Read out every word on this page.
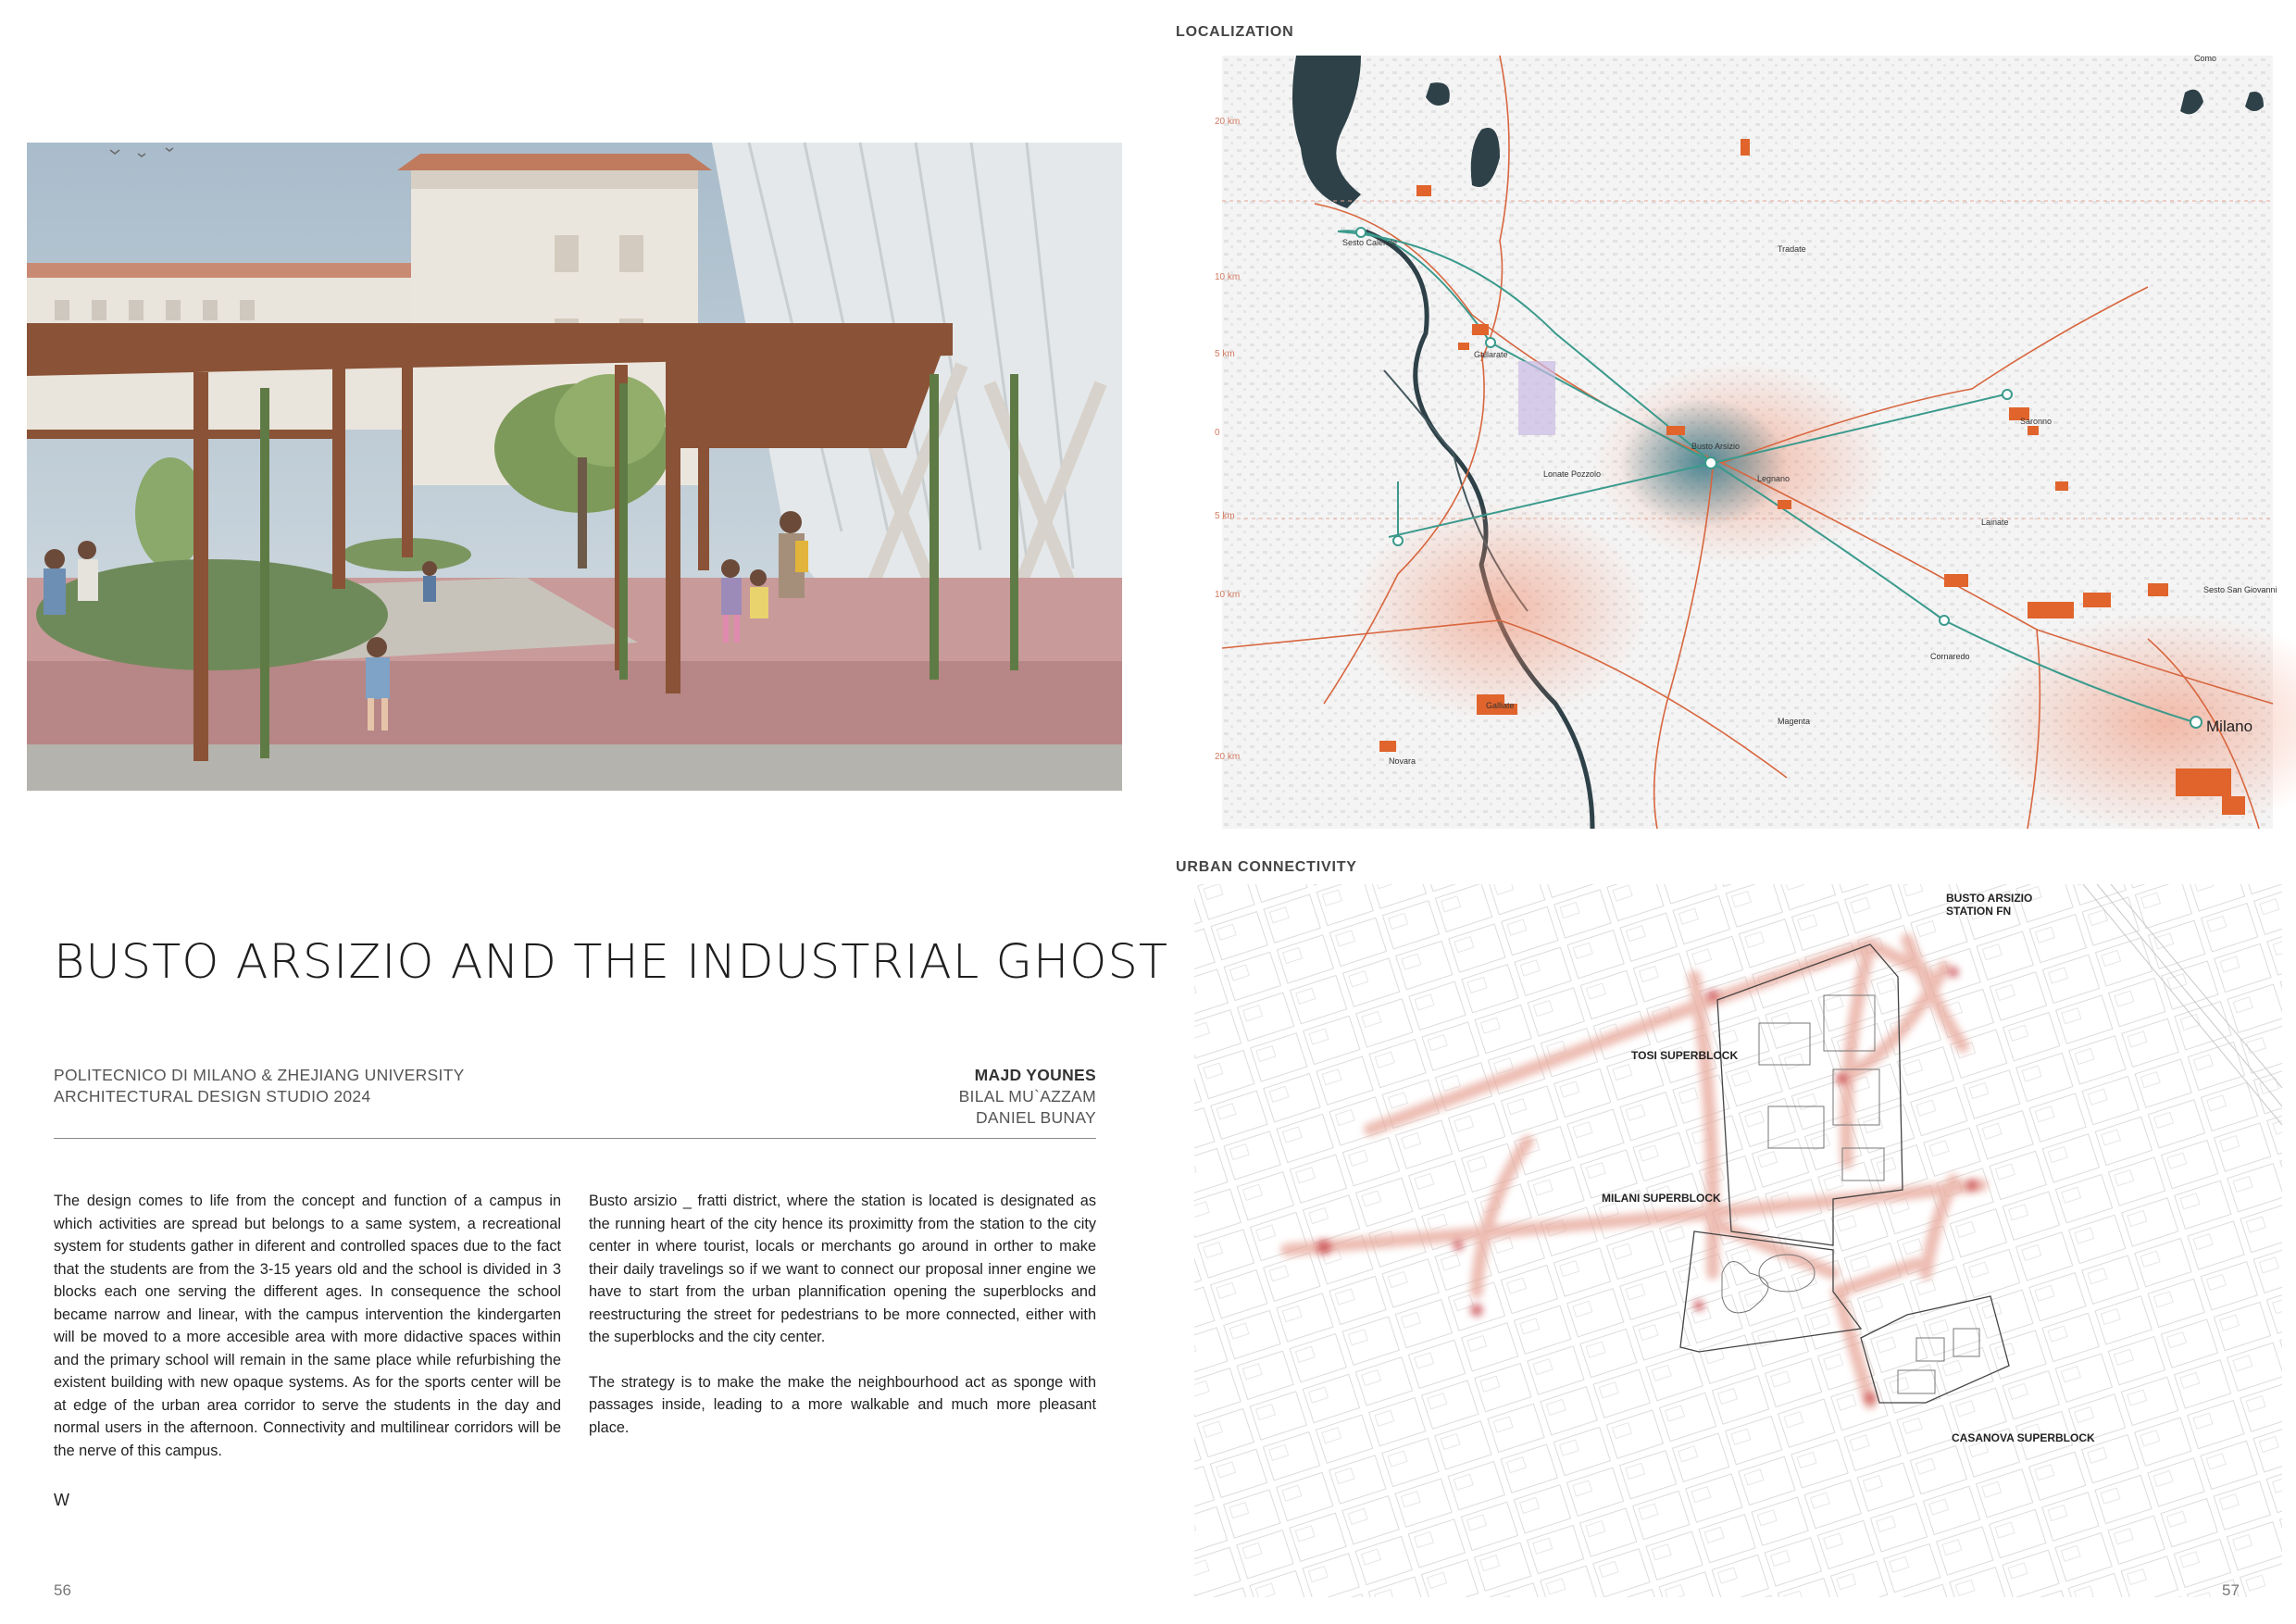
BUSTO ARSIZIO AND THE INDUSTRIAL GHOST
POLITECNICO DI MILANO & ZHEJIANG UNIVERSITY
ARCHITECTURAL DESIGN STUDIO 2024
MAJD YOUNES
BILAL MU`AZZAM
DANIEL BUNAY

The design comes to life from the concept and function of a campus in which activities are spread but belongs to a same system, a recreational system for students gather in diferent and controlled spaces due to the fact that the students are from the 3-15 years old and the school is divided in 3 blocks each one serving the different ages. In consequence the school became narrow and linear, with the campus intervention the kindergarten will be moved to a more accesible area with more didactive spaces within and the primary school will remain in the same place while refurbishing the existent building with new opaque systems. As for the sports center will be at edge of the urban area corridor to serve the students in the day and normal users in the afternoon. Connectivity and multilinear corridors will be the nerve of this campus.

Busto arsizio _ fratti district, where the station is located is designated as the running heart of the city hence its proximitty from the station to the city center in where tourist, locals or merchants go around in orther to make their daily travelings so if we want to connect our proposal inner engine we have to start from the urban plannification opening the superblocks and reestructuring the street for pedestrians to be more connected, either with the superblocks and the city center.

The strategy is to make the make the neighbourhood act as sponge with passages inside, leading to a more walkable and much more pleasant place.

W
56
LOCALIZATION
20 km
10 km
5 km
0
5 km
10 km
20 km
Como
Sesto Calende
Tradate
Gallarate
Saronno
Busto Arsizio
Lonate Pozzolo	Legnano
Lainate
Sesto San Giovanni
Cornaredo
Galliate
Magenta
Novara
Milano
URBAN CONNECTIVITY
BUSTO ARSIZIO
STATION FN
TOSI SUPERBLOCK
MILANI SUPERBLOCK
CASANOVA SUPERBLOCK
57
